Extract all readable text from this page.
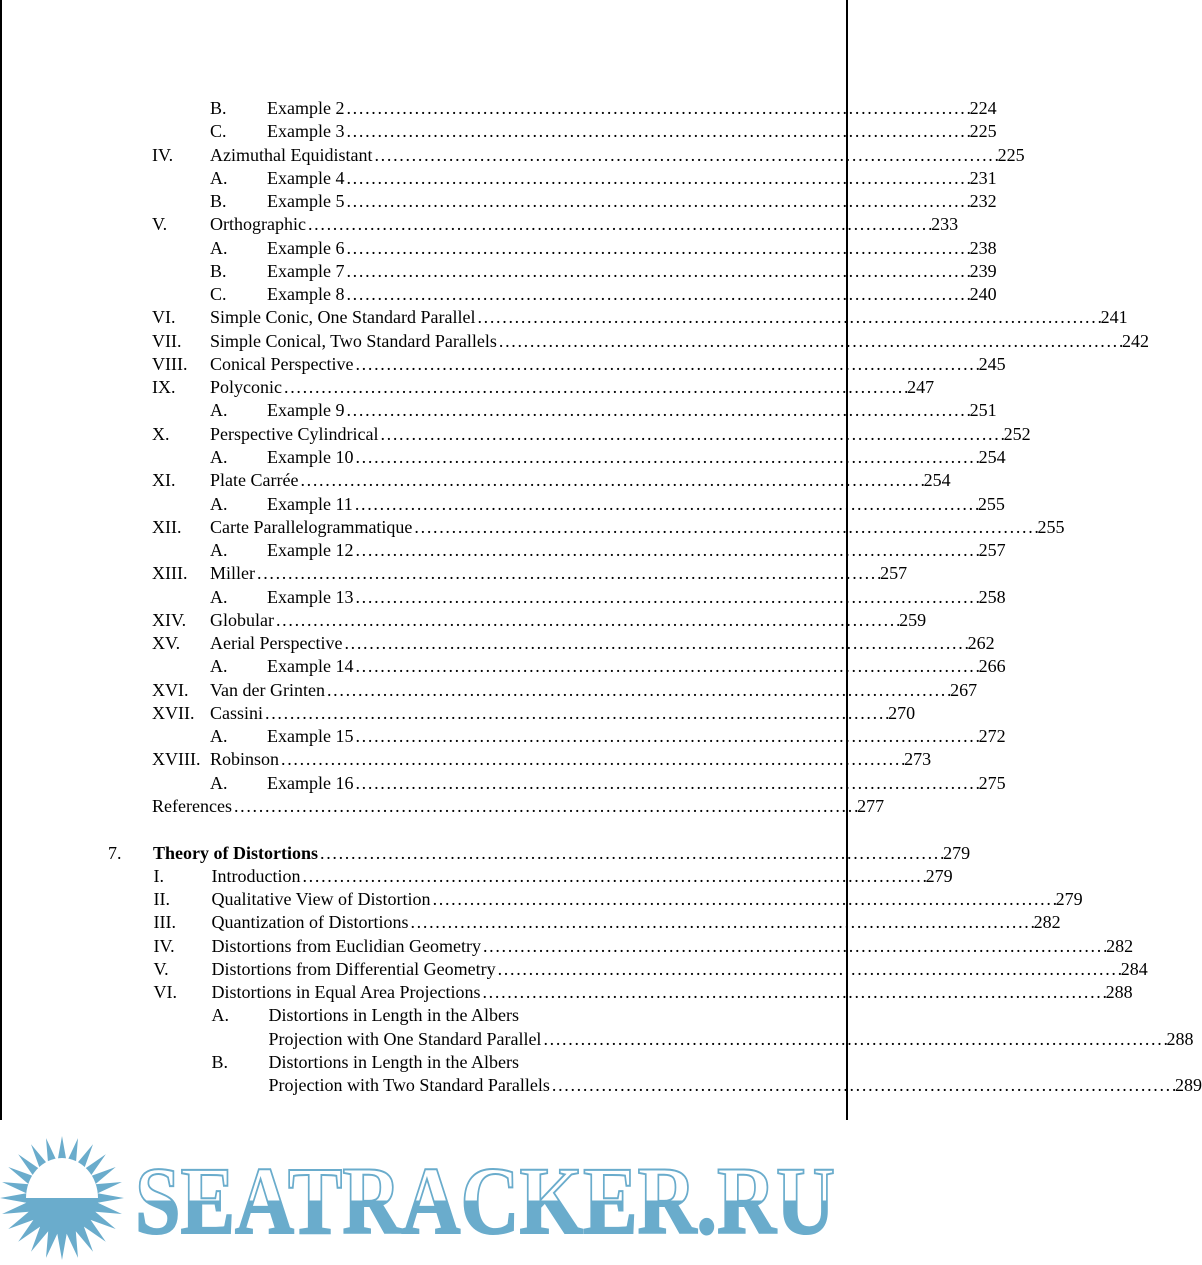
B. Example 2 . . .	224
C. Example 3 . . .	225
IV. Azimuthal Equidistant . . .	225
A. Example 4 . . .	231
B. Example 5 . . .	232
V. Orthographic . . .	233
A. Example 6 . . .	238
B. Example 7 . . .	239
C. Example 8 . . .	240
VI. Simple Conic, One Standard Parallel . . .	241
VII. Simple Conical, Two Standard Parallels . . .	242
VIII. Conical Perspective . . .	245
IX. Polyconic . . .	247
A. Example 9 . . .	251
X. Perspective Cylindrical . . .	252
A. Example 10 . . .	254
XI. Plate Carrée . . .	254
A. Example 11 . . .	255
XII. Carte Parallelogrammatique . . .	255
A. Example 12 . . .	257
XIII. Miller . . .	257
A. Example 13 . . .	258
XIV. Globular . . .	259
XV. Aerial Perspective . . .	262
A. Example 14 . . .	266
XVI. Van der Grinten . . .	267
XVII. Cassini . . .	270
A. Example 15 . . .	272
XVIII. Robinson . . .	273
A. Example 16 . . .	275
References . . .	277
7. Theory of Distortions . . .	279
I.	Introduction . . .	279
II. Qualitative View of Distortion . . .	279
III. Quantization of Distortions . . .	282
IV. Distortions from Euclidian Geometry . . .	282
V. Distortions from Differential Geometry . . .	284
VI. Distortions in Equal Area Projections . . .	288
A. Distortions in Length in the Albers
Projection with One Standard Parallel . . .	288
B. Distortions in Length in the Albers
Projection with Two Standard Parallels . . .	289
SEATRACKER.RU
